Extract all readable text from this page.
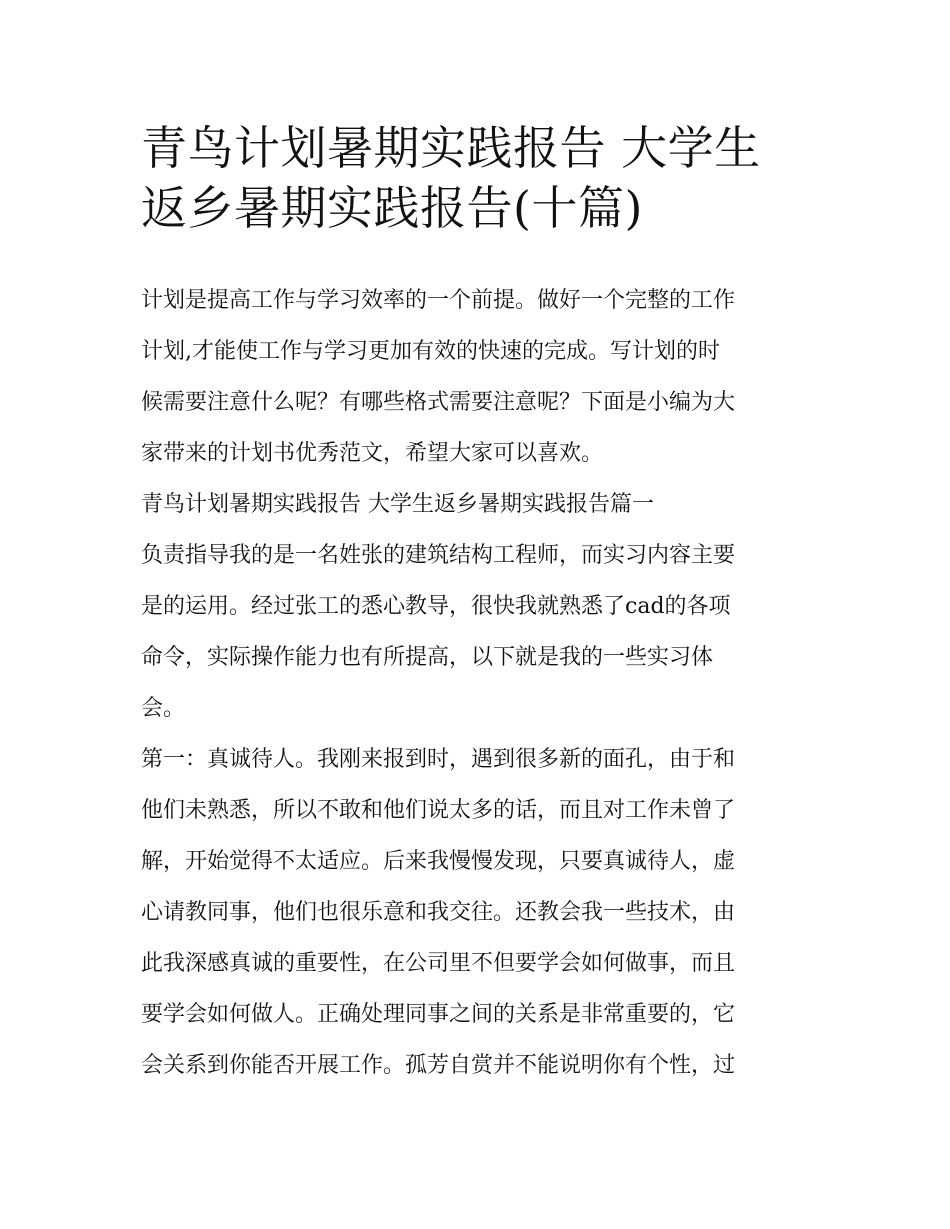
青鸟计划暑期实践报告 大学生
返乡暑期实践报告(十篇)
计划是提高工作与学习效率的一个前提。做好一个完整的工作
计划,才能使工作与学习更加有效的快速的完成。写计划的时
候需要注意什么呢？有哪些格式需要注意呢？下面是小编为大
家带来的计划书优秀范文，希望大家可以喜欢。
青鸟计划暑期实践报告 大学生返乡暑期实践报告篇一
负责指导我的是一名姓张的建筑结构工程师，而实习内容主要
是的运用。经过张工的悉心教导，很快我就熟悉了cad的各项
命令，实际操作能力也有所提高，以下就是我的一些实习体
会。
第一：真诚待人。我刚来报到时，遇到很多新的面孔，由于和
他们未熟悉，所以不敢和他们说太多的话，而且对工作未曾了
解，开始觉得不太适应。后来我慢慢发现，只要真诚待人，虚
心请教同事，他们也很乐意和我交往。还教会我一些技术，由
此我深感真诚的重要性，在公司里不但要学会如何做事，而且
要学会如何做人。正确处理同事之间的关系是非常重要的，它
会关系到你能否开展工作。孤芳自赏并不能说明你有个性，过
